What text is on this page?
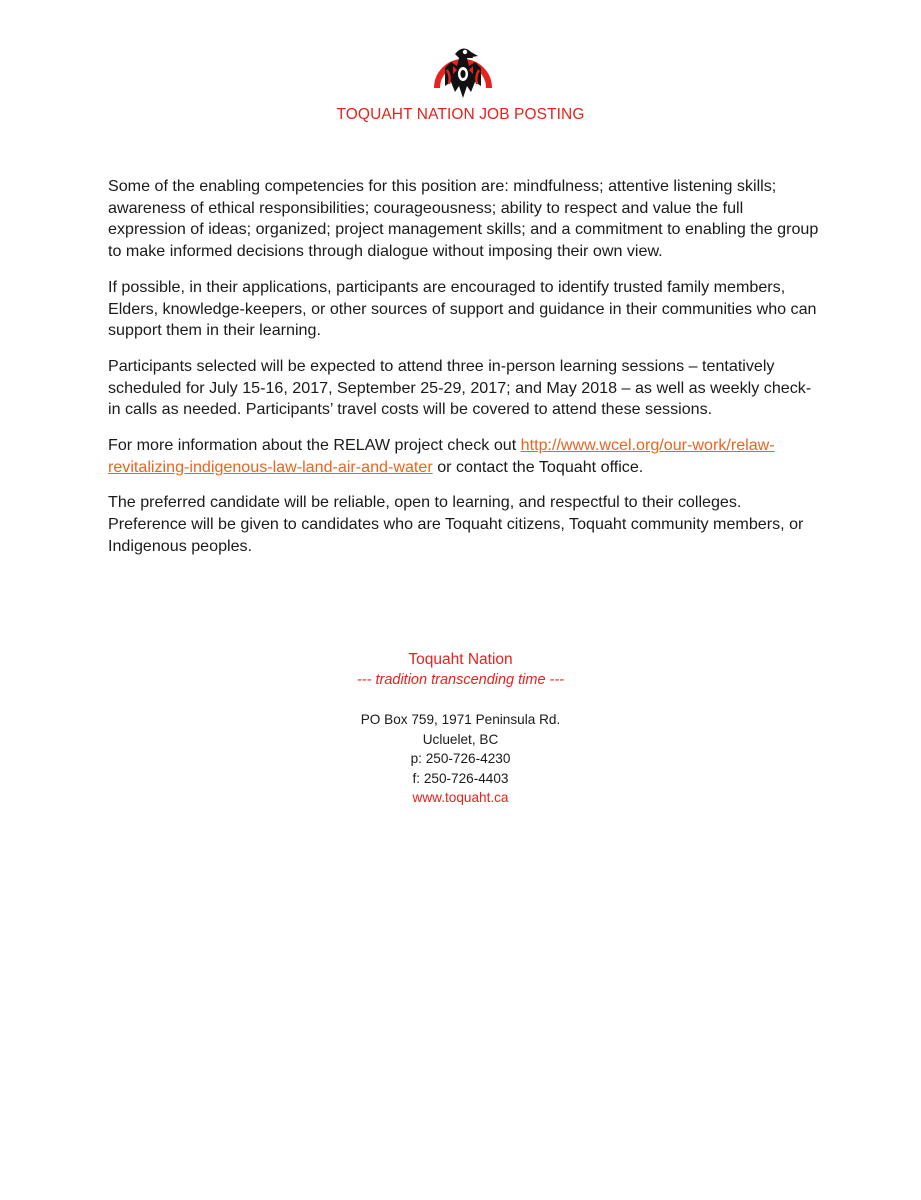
TOQUAHT NATION JOB POSTING

Some of the enabling competencies for this position are: mindfulness; attentive listening skills; awareness of ethical responsibilities; courageousness; ability to respect and value the full expression of ideas; organized; project management skills; and a commitment to enabling the group to make informed decisions through dialogue without imposing their own view.

If possible, in their applications, participants are encouraged to identify trusted family members, Elders, knowledge-keepers, or other sources of support and guidance in their communities who can support them in their learning.

Participants selected will be expected to attend three in-person learning sessions – tentatively scheduled for July 15-16, 2017, September 25-29, 2017; and May 2018 – as well as weekly check-in calls as needed. Participants’ travel costs will be covered to attend these sessions.

For more information about the RELAW project check out http://www.wcel.org/our-work/relaw-revitalizing-indigenous-law-land-air-and-water or contact the Toquaht office.

The preferred candidate will be reliable, open to learning, and respectful to their colleges. Preference will be given to candidates who are Toquaht citizens, Toquaht community members, or Indigenous peoples.

Toquaht Nation
--- tradition transcending time ---
PO Box 759, 1971 Peninsula Rd.
Ucluelet, BC
p: 250-726-4230
f: 250-726-4403
www.toquaht.ca
